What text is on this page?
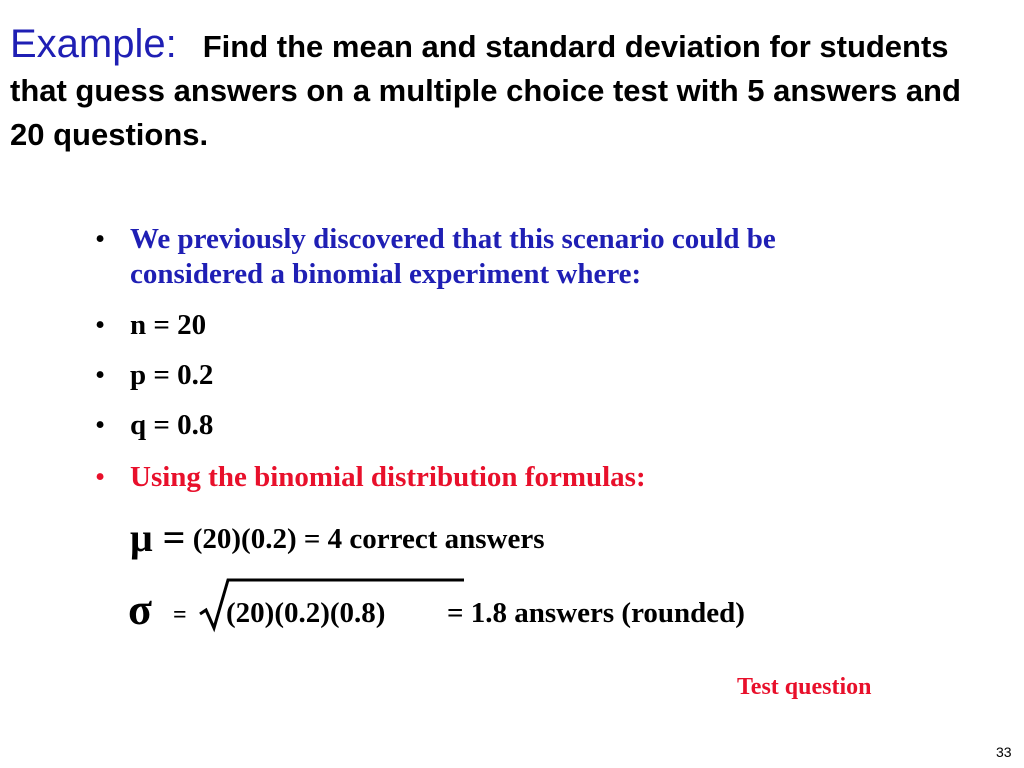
Example: Find the mean and standard deviation for students that guess answers on a multiple choice test with 5 answers and 20 questions.
• We previously discovered that this scenario could be considered a binomial experiment where:
• n = 20
• p = 0.2
• q = 0.8
• Using the binomial distribution formulas:
μ = (20)(0.2) = 4 correct answers
σ = (20)(0.2)(0.8) = 1.8 answers (rounded)
Test question
33
